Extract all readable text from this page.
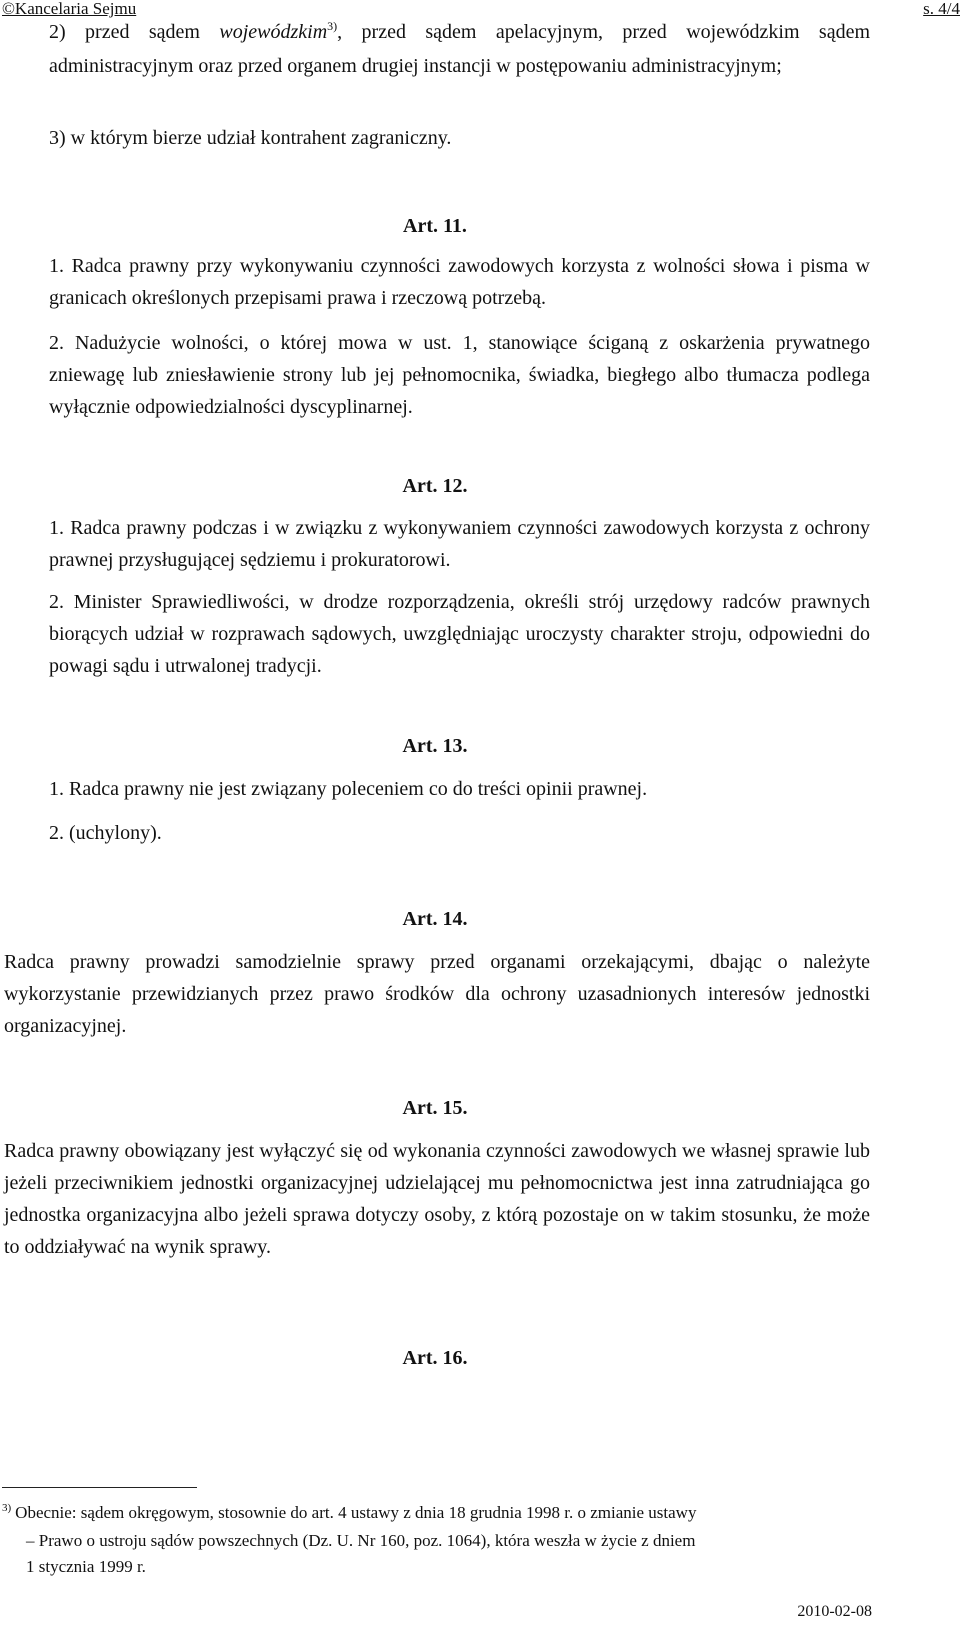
©Kancelaria Sejmu	s. 4/4
2) przed sądem wojewódzkim$^{3)}$, przed sądem apelacyjnym, przed wojewódzkim sądem administracyjnym oraz przed organem drugiej instancji w postępowaniu administracyjnym;
3) w którym bierze udział kontrahent zagraniczny.
Art. 11.
1. Radca prawny przy wykonywaniu czynności zawodowych korzysta z wolności słowa i pisma w granicach określonych przepisami prawa i rzeczową potrzebą.
2. Nadużycie wolności, o której mowa w ust. 1, stanowiące ściganą z oskarżenia prywatnego zniewagę lub zniesławienie strony lub jej pełnomocnika, świadka, biegłego albo tłumacza podlega wyłącznie odpowiedzialności dyscyplinarnej.
Art. 12.
1. Radca prawny podczas i w związku z wykonywaniem czynności zawodowych korzysta z ochrony prawnej przysługującej sędziemu i prokuratorowi.
2. Minister Sprawiedliwości, w drodze rozporządzenia, określi strój urzędowy radców prawnych biorących udział w rozprawach sądowych, uwzględniając uroczysty charakter stroju, odpowiedni do powagi sądu i utrwalonej tradycji.
Art. 13.
1. Radca prawny nie jest związany poleceniem co do treści opinii prawnej.
2. (uchylony).
Art. 14.
Radca prawny prowadzi samodzielnie sprawy przed organami orzekającymi, dbając o należyte wykorzystanie przewidzianych przez prawo środków dla ochrony uzasadnionych interesów jednostki organizacyjnej.
Art. 15.
Radca prawny obowiązany jest wyłączyć się od wykonania czynności zawodowych we własnej sprawie lub jeżeli przeciwnikiem jednostki organizacyjnej udzielającej mu pełnomocnictwa jest inna zatrudniająca go jednostka organizacyjna albo jeżeli sprawa dotyczy osoby, z którą pozostaje on w takim stosunku, że może to oddziaływać na wynik sprawy.
Art. 16.
$^{3)}$ Obecnie: sądem okręgowym, stosownie do art. 4 ustawy z dnia 18 grudnia 1998 r. o zmianie ustawy
– Prawo o ustroju sądów powszechnych (Dz. U. Nr 160, poz. 1064), która weszła w życie z dniem
1 stycznia 1999 r.
2010-02-08
